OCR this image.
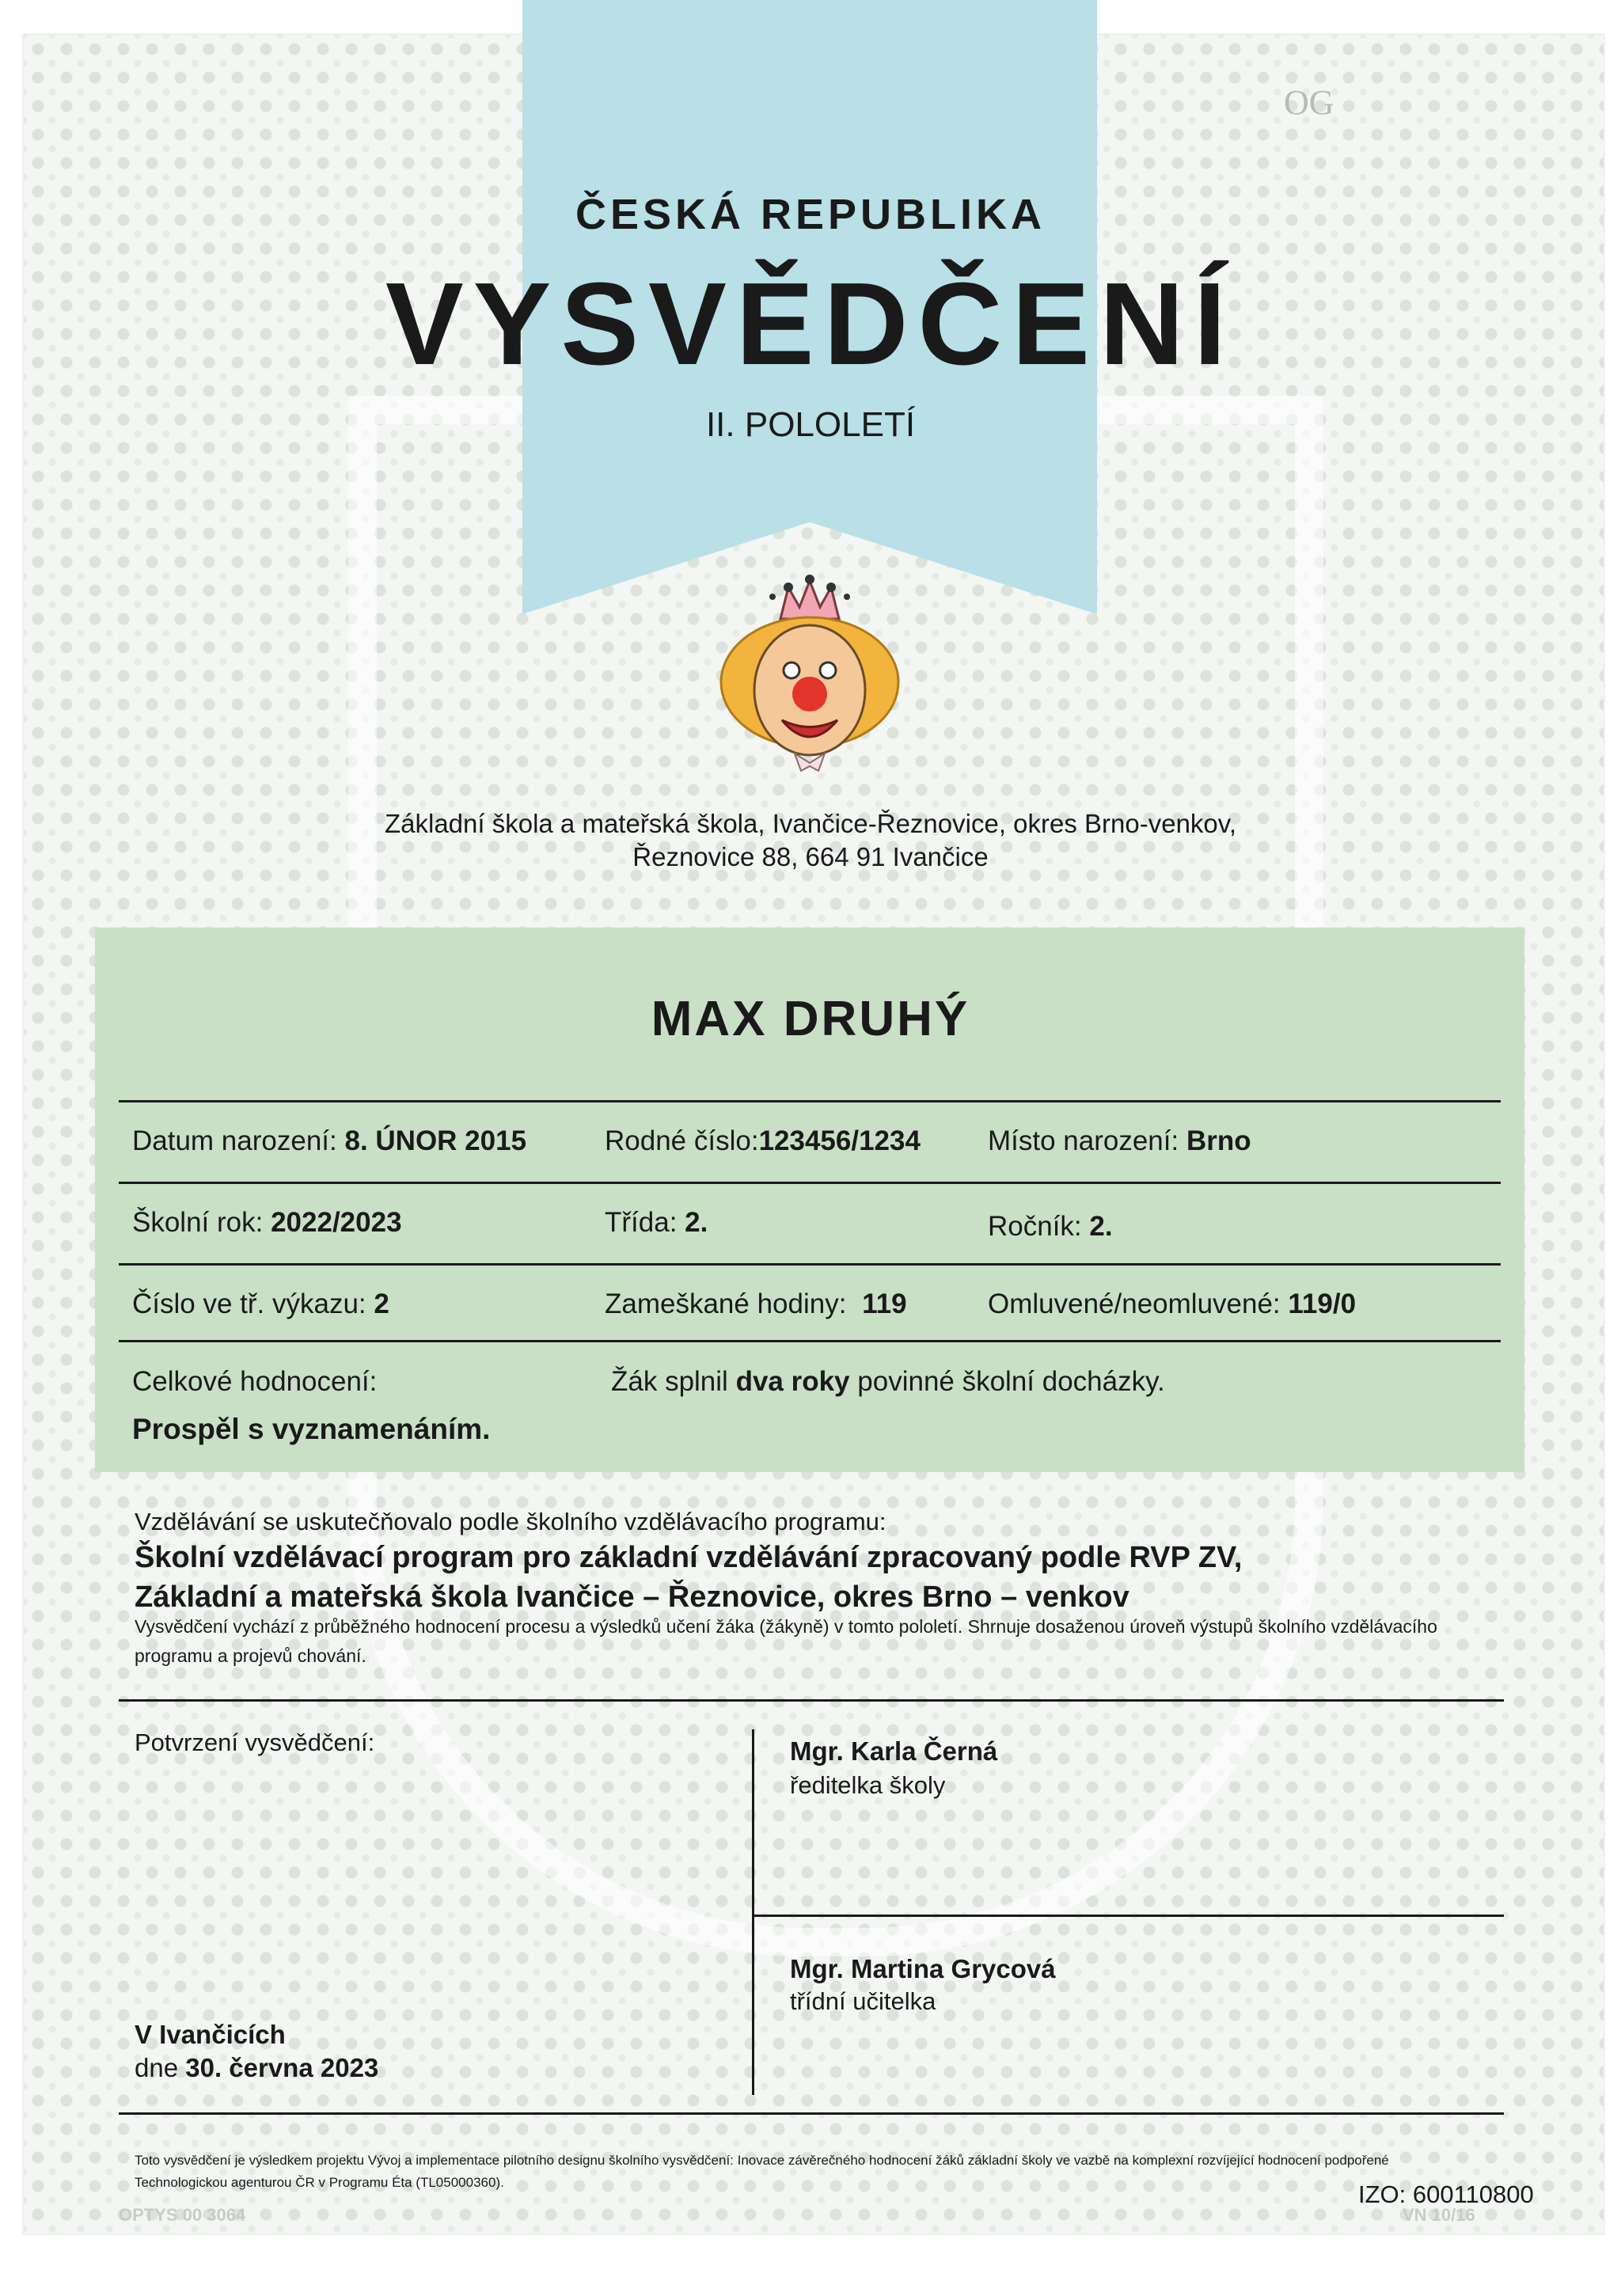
OG
ČESKÁ REPUBLIKA
VYSVĚDČENÍ
II. POLOLETÍ
Základní škola a mateřská škola, Ivančice-Řeznovice, okres Brno-venkov,
Řeznovice 88, 664 91 Ivančice
MAX DRUHÝ
Datum narození: 8. ÚNOR 2015	Rodné číslo:123456/1234 Místo narození: Brno
Školní rok: 2022/2023	Třída: 2.	Ročník: 2.
Číslo ve tř. výkazu: 2	Zameškané hodiny: 119	Omluvené/neomluvené: 119/0
Celkové hodnocení:
Prospěl s vyznamenáním.
Žák splnil dva roky povinné školní docházky.
Vzdělávání se uskutečňovalo podle školního vzdělávacího programu:
Školní vzdělávací program pro základní vzdělávání zpracovaný podle RVP ZV,
Základní a mateřská škola Ivančice – Řeznovice, okres Brno – venkov
Vysvědčení vychází z průběžného hodnocení procesu a výsledků učení žáka (žákyně) v tomto pololetí. Shrnuje dosaženou úroveň výstupů školního vzdělávacího programu a projevů chování.
Potvrzení vysvědčení:	Mgr. Karla Černá
ředitelka školy
Mgr. Martina Grycová
třídní učitelka
V Ivančicích
dne 30. června 2023
Toto vysvědčení je výsledkem projektu Vývoj a implementace pilotního designu školního vysvědčení: Inovace závěrečného hodnocení žáků základní školy ve vazbě na komplexní rozvíjející hodnocení podpořené Technologickou agenturou ČR v Programu Éta (TL05000360).	IZO: 600110800
OPTYS 00 3064	VN 10/16
